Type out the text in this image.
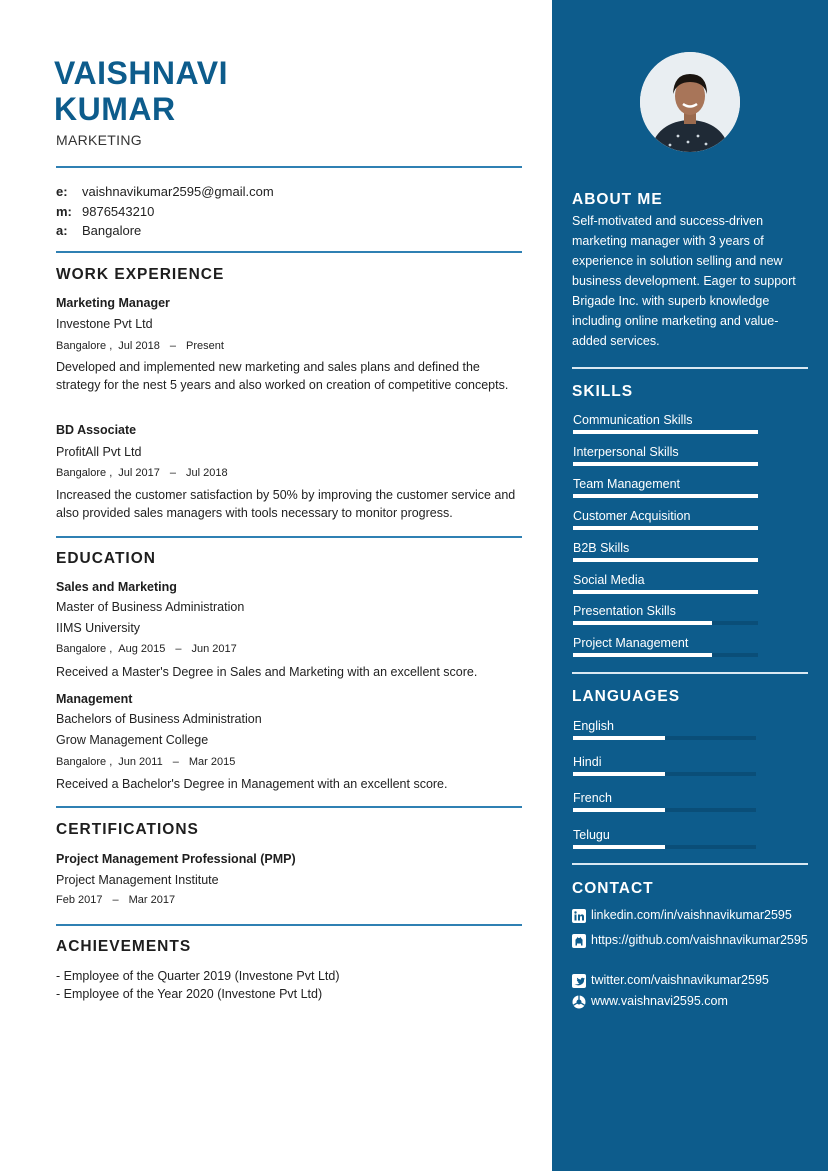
VAISHNAVI
KUMAR
MARKETING
e:	vaishnavikumar2595@gmail.com
m: 9876543210
a:	Bangalore
WORK EXPERIENCE
Marketing Manager
Investone Pvt Ltd
Bangalore , Jul 2018 – Present
Developed and implemented new marketing and sales plans and defined the strategy for the nest 5 years and also worked on creation of competitive concepts.
BD Associate
ProfitAll Pvt Ltd
Bangalore , Jul 2017 – Jul 2018
Increased the customer satisfaction by 50% by improving the customer service and also provided sales managers with tools necessary to monitor progress.
EDUCATION
Sales and Marketing
Master of Business Administration
IIMS University
Bangalore , Aug 2015 – Jun 2017
Received a Master's Degree in Sales and Marketing with an excellent score.
Management
Bachelors of Business Administration
Grow Management College
Bangalore , Jun 2011 – Mar 2015
Received a Bachelor's Degree in Management with an excellent score.
CERTIFICATIONS
Project Management Professional (PMP)
Project Management Institute
Feb 2017 – Mar 2017
ACHIEVEMENTS
- Employee of the Quarter 2019 (Investone Pvt Ltd)
- Employee of the Year 2020 (Investone Pvt Ltd)
ABOUT ME
Self-motivated and success-driven
marketing manager with 3 years of
experience in solution selling and new
business development. Eager to support
Brigade Inc. with superb knowledge
including online marketing and value-
added services.
SKILLS
Communication Skills
Interpersonal Skills
Team Management
Customer Acquisition
B2B Skills
Social Media
Presentation Skills
Project Management
LANGUAGES
English
Hindi
French
Telugu
CONTACT
linkedin.com/in/vaishnavikumar2595
https://github.com/vaishnavikumar2595
twitter.com/vaishnavikumar2595
www.vaishnavi2595.com
